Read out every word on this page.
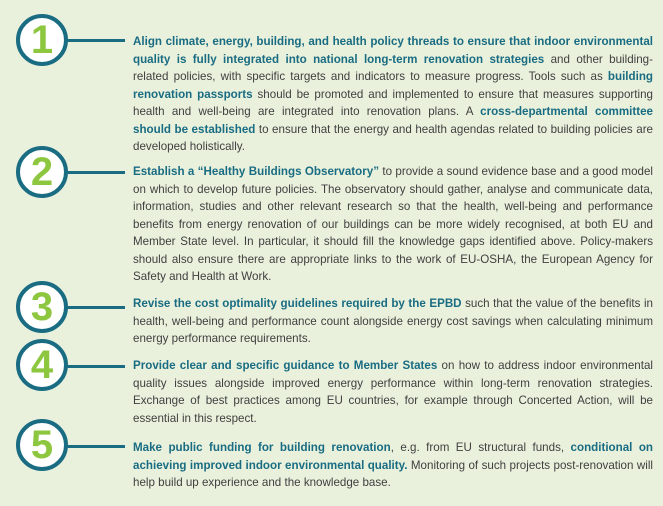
1	Align climate, energy, building, and health policy threads to ensure that indoor environmental quality is fully integrated into national long-term renovation strategies and other building-related policies, with specific targets and indicators to measure progress. Tools such as building renovation passports should be promoted and implemented to ensure that measures supporting health and well-being are integrated into renovation plans. A cross-departmental committee should be established to ensure that the energy and health agendas related to building policies are developed holistically.

2	Establish a “Healthy Buildings Observatory” to provide a sound evidence base and a good model on which to develop future policies. The observatory should gather, analyse and communicate data, information, studies and other relevant research so that the health, well-being and performance benefits from energy renovation of our buildings can be more widely recognised, at both EU and Member State level. In particular, it should fill the knowledge gaps identified above. Policy-makers should also ensure there are appropriate links to the work of EU-OSHA, the European Agency for Safety and Health at Work.

3	Revise the cost optimality guidelines required by the EPBD such that the value of the benefits in health, well-being and performance count alongside energy cost savings when calculating minimum energy performance requirements.

4	Provide clear and specific guidance to Member States on how to address indoor environmental quality issues alongside improved energy performance within long-term renovation strategies. Exchange of best practices among EU countries, for example through Concerted Action, will be essential in this respect.

5	Make public funding for building renovation, e.g. from EU structural funds, conditional on achieving improved indoor environmental quality. Monitoring of such projects post-renovation will help build up experience and the knowledge base.
